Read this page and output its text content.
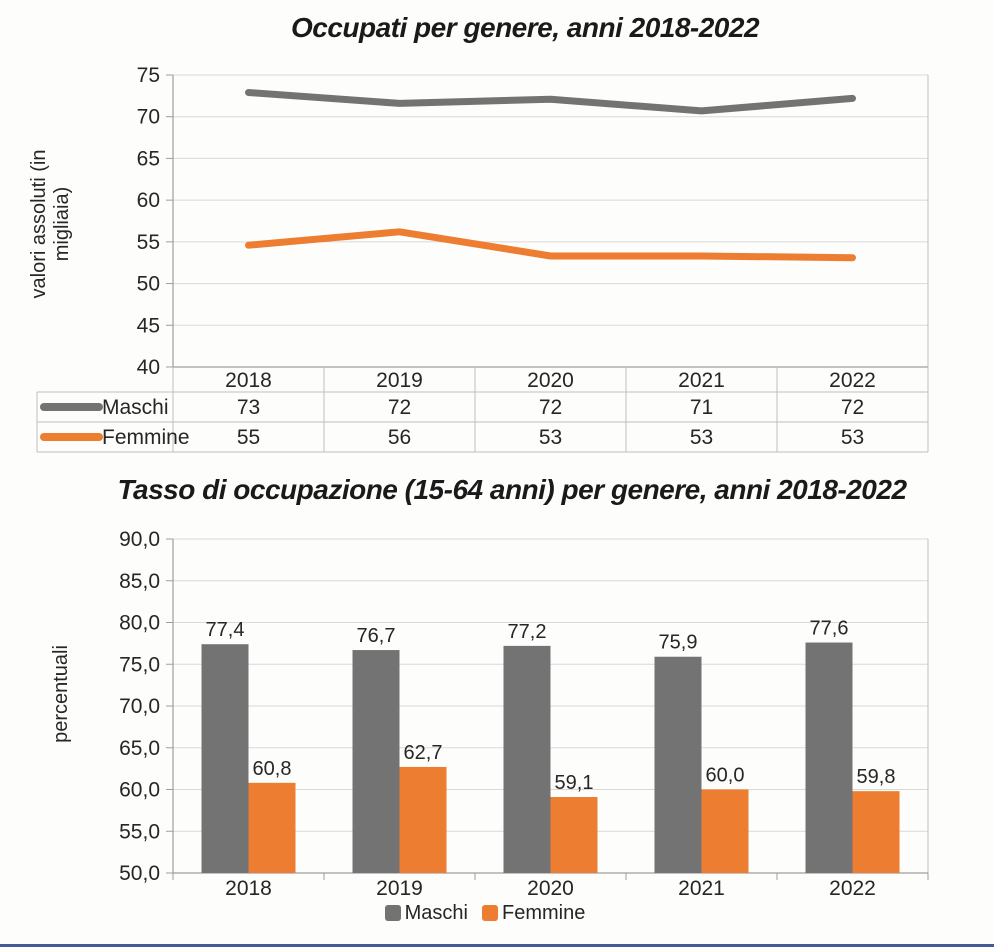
Occupati per genere, anni 2018-2022
valori assoluti (in migliaia)
75
70
65
60
55
50
45
40
2018	2019	2020	2021	2022
Maschi	73	72	72	71	72
Femmine 55	56	53	53	53
Tasso di occupazione (15-64 anni) per genere, anni 2018-2022
percentuali
90,0
85,0
80,0
75,0
70,0
65,0
60,0
55,0
50,0
77,4	76,7	77,2	75,9
77,6
60,8
62,7
59,1	60,0	59,8
2018	2019	2020	2021	2022
Maschi Femmine
